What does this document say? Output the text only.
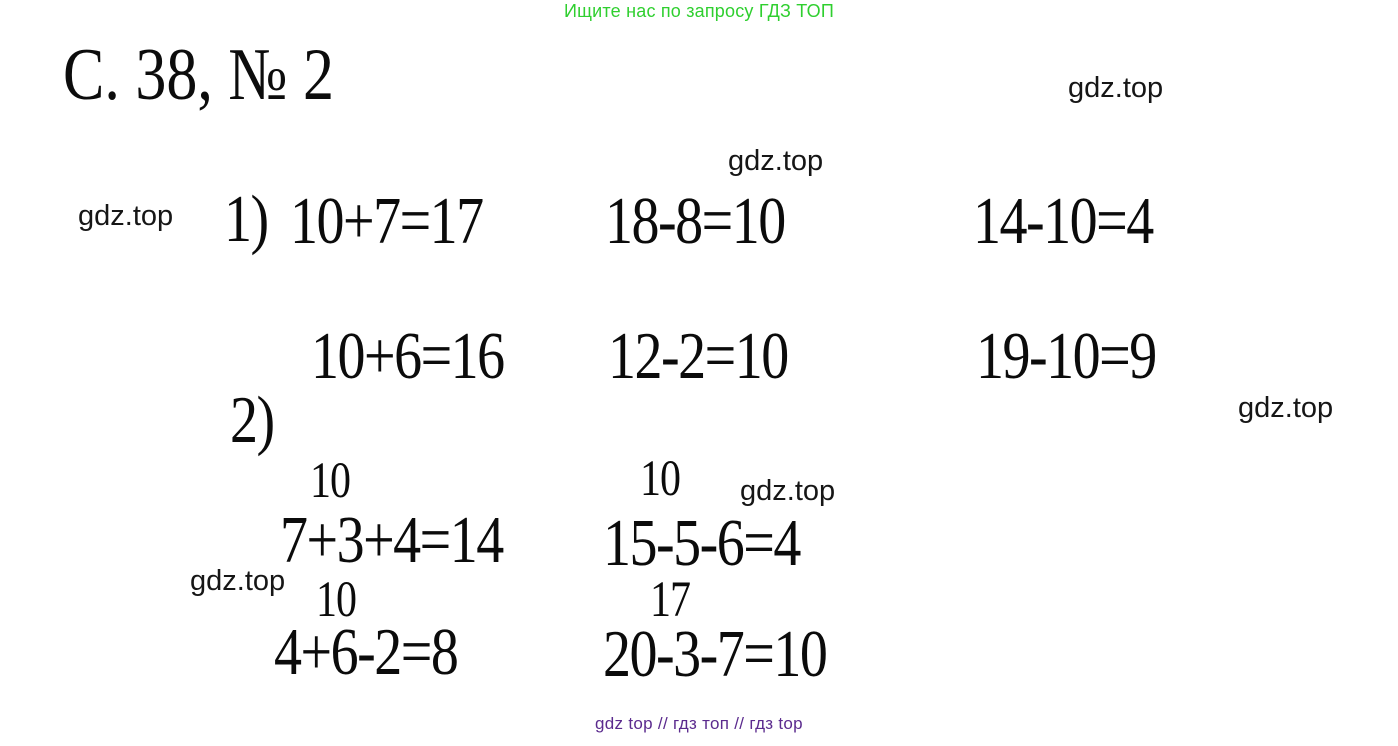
Ищите нас по запросу ГДЗ ТОП
С. 38, № 2
gdz.top
gdz.top
gdz.top
gdz.top
gdz.top
gdz.top
1) 10+7=17 18-8=10	14-10=4
10+6=16 12-2=10	19-10=9
2)
10
7+3+4=14
10
15-5-6=4
10
4+6-2=8
17
20-3-7=10
gdz top // гдз топ // гдз top
